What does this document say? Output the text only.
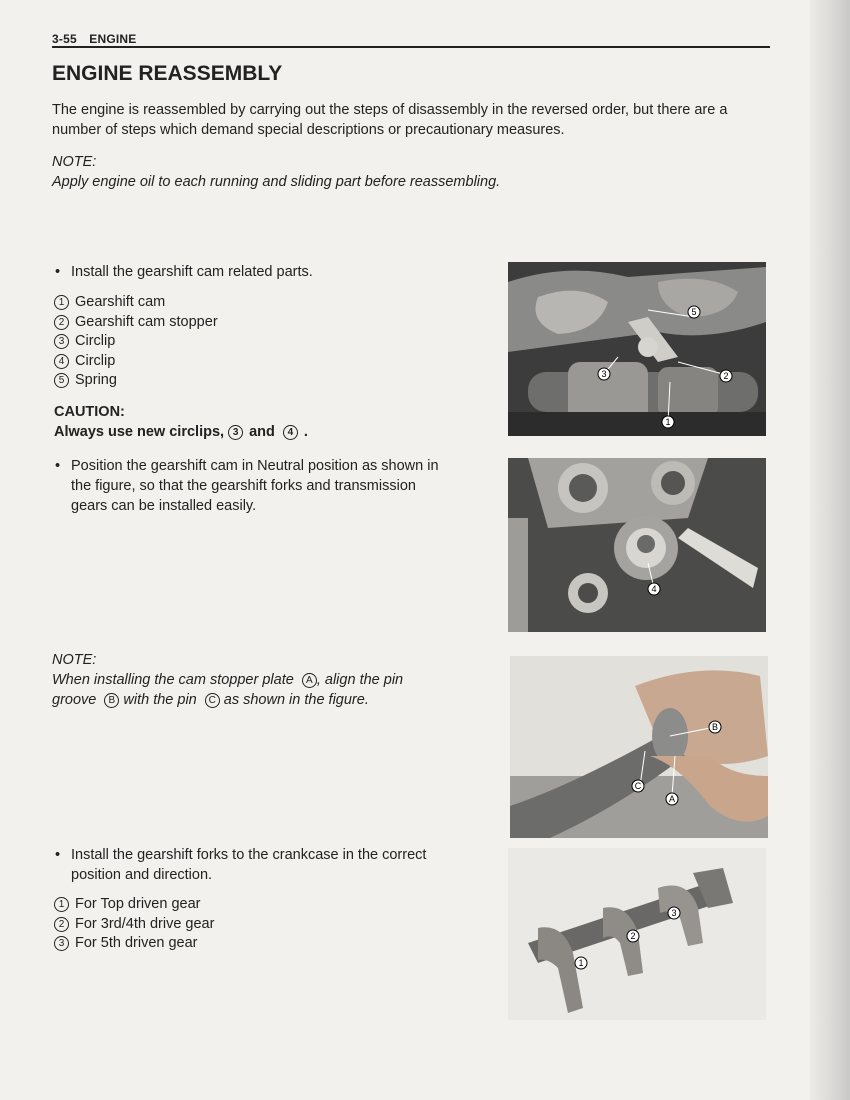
3-55 ENGINE
ENGINE REASSEMBLY

The engine is reassembled by carrying out the steps of disassembly in the reversed order, but there are a number of steps which demand special descriptions or precautionary measures.

NOTE:
Apply engine oil to each running and sliding part before reassembling.
• Install the gearshift cam related parts.
1 Gearshift cam
2 Gearshift cam stopper
3 Circlip
4 Circlip
5 Spring
CAUTION:
Always use new circlips, 3 and 4 .
• Position the gearshift cam in Neutral position as shown in
the figure, so that the gearshift forks and transmission
gears can be installed easily.
NOTE:
When installing the cam stopper plate A , align the pin
groove B with the pin C as shown in the figure.
• Install the gearshift forks to the crankcase in the correct
position and direction.
1 For Top driven gear
2 For 3rd/4th drive gear
3 For 5th driven gear
5
3	2
1
4
B
C
A
1
2
3
